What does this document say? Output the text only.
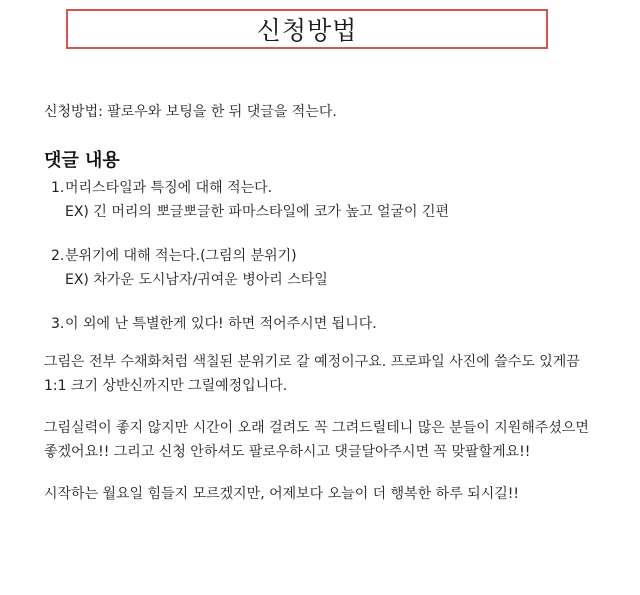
신청방법

신청방법: 팔로우와 보팅을 한 뒤 댓글을 적는다.

댓글 내용
1. 머리스타일과 특징에 대해 적는다.
EX) 긴 머리의 뽀글뽀글한 파마스타일에 코가 높고 얼굴이 긴편
2. 분위기에 대해 적는다.(그림의 분위기)
EX) 차가운 도시남자/귀여운 병아리 스타일
3. 이 외에 난 특별한게 있다! 하면 적어주시면 됩니다.

그림은 전부 수채화처럼 색칠된 분위기로 갈 예정이구요. 프로파일 사진에 쓸수도 있게끔 1:1 크기 상반신까지만 그릴예정입니다.

그림실력이 좋지 않지만 시간이 오래 걸려도 꼭 그려드릴테니 많은 분들이 지원해주셨으면 좋겠어요!! 그리고 신청 안하셔도 팔로우하시고 댓글달아주시면 꼭 맞팔할게요!!

시작하는 월요일 힘들지 모르겠지만, 어제보다 오늘이 더 행복한 하루 되시길!!
